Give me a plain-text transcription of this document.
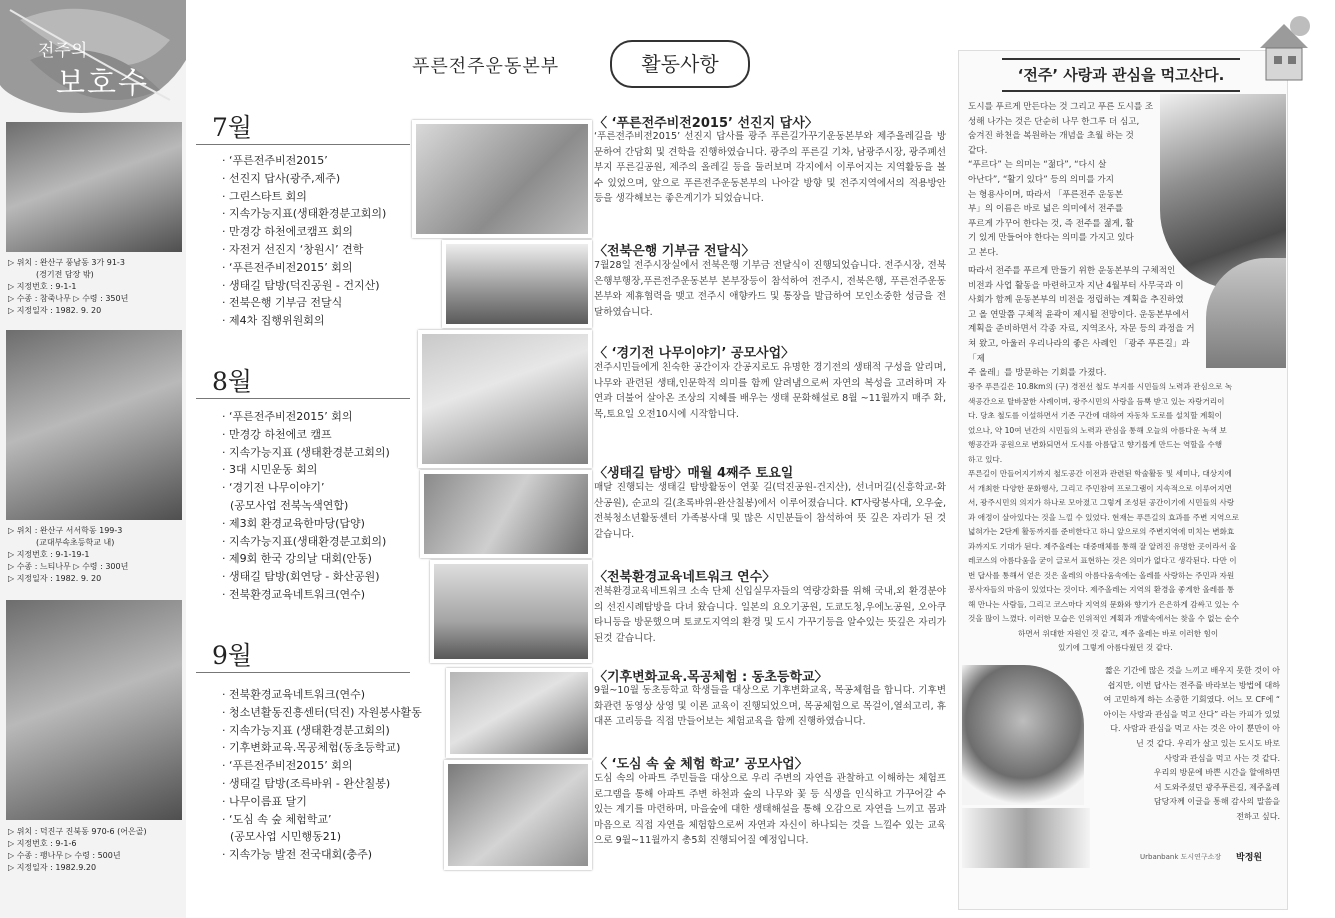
전주의
보호수
▷ 위치 : 완산구 풍남동 3가 91-3
(경기전 담장 밖)
▷ 지정번호 : 9-1-1
▷ 수종 : 참죽나무 ▷ 수령 : 350년
▷ 지정일자 : 1982. 9. 20
▷ 위치 : 완산구 서서학동 199-3
(교대부속초등학교 내)
▷ 지정번호 : 9-1-19-1
▷ 수종 : 느티나무 ▷ 수령 : 300년
▷ 지정일자 : 1982. 9. 20
▷ 위치 : 덕진구 진북동 970-6 (어은골)
▷ 지정번호 : 9-1-6
▷ 수종 : 팽나무 ▷ 수령 : 500년
▷ 지정일자 : 1982.9.20
7월
· ‘푸른전주비전2015’
· 선진지 답사(광주,제주)
· 그린스타트 회의
· 지속가능지표(생태환경분고회의)
· 만경강 하천에코캠프 회의
· 자전거 선진지 ‘창원시’ 견학
· ‘푸른전주비전2015’ 회의
· 생태길 탐방(덕진공원 - 건지산)
· 전북은행 기부금 전달식
· 제4차 집행위원회의
8월
· ‘푸른전주비전2015’ 회의
· 만경강 하천에코 캠프
· 지속가능지표 (생태환경분고회의)
· 3대 시민운동 회의
· ‘경기전 나무이야기’
(공모사업 전북녹색연합)
· 제3회 환경교육한마당(답양)
· 지속가능지표(생태환경분고회의)
· 제9회 한국 강의날 대회(안동)
· 생태길 탐방(회연당 - 화산공원)
· 전북환경교육네트워크(연수)
9월
· 전북환경교육네트워크(연수)
· 청소년활동진흥센터(덕진) 자원봉사활동
· 지속가능지표 (생태환경분고회의)
· 기후변화교육.목공체험(동초등학교)
· ‘푸른전주비전2015’ 회의
· 생태길 탐방(조륵바위 - 완산칠봉)
· 나무이름표 달기
· ‘도심 속 숲 체험학교’
(공모사업 시민행동21)
· 지속가능 발전 전국대회(충주)
푸른전주운동본부	활동사항
〈 ‘푸른전주비전2015’ 선진지 답사〉
‘푸른전주비전2015’ 선진지 답사를 광주 푸른길가꾸기운동본부와 제주올레길을 방문하여 간담회 및 견학을 진행하였습니다. 광주의 푸른길 기차, 남광주시장, 광주폐선부지 푸른길공원, 제주의 올레길 등을 둘러보며 각지에서 이루어지는 지역활동을 볼 수 있었으며, 앞으로 푸른전주운동본부의 나아갈 방향 및 전주지역에서의 적용방안 등을 생각해보는 좋은계기가 되었습니다.
〈전북은행 기부금 전달식〉
7월28일 전주시장실에서 전북은행 기부금 전달식이 진행되었습니다. 전주시장, 전북은행부행장,푸른전주운동본부 본부장등이 참석하여 전주시, 전북은행, 푸른전주운동본부와 제휴협력을 맺고 전주시 애향카드 및 통장을 발급하여 모인소중한 성금을 전달하였습니다.
〈 ‘경기전 나무이야기’ 공모사업〉
전주시민들에게 친숙한 공간이자 간공지로도 유명한 경기전의 생태적 구성을 알리며, 나무와 관련된 생태,인문학적 의미를 함께 알려냄으로써 자연의 복성을 고려하며 자연과 더불어 살아온 조상의 지혜를 배우는 생태 문화해설로 8월 ~11월까지 매주 화,목,토요일 오전10시에 시작합니다.
〈생태길 탐방〉매월 4째주 토요일
매달 진행되는 생태길 탐방활동이 연꽃 길(덕진공원-건지산), 선너머길(신흥학교-화산공원), 순교의 길(초록바위-완산칠봉)에서 이루어졌습니다. KT사랑봉사대, 오우숲, 전북청소년활동센터 가족봉사대 및 많은 시민분들이 참석하여 뜻 깊은 자리가 된 것같습니다.
〈전북환경교육네트워크 연수〉
전북환경교육네트워크 소속 단체 신입실무자들의 역량강화를 위해 국내,외 환경분야의 선진시례탐방을 다녀 왔습니다. 일본의 요오기공원, 도쿄도청,우에노공원, 오아쿠타니등을 방문했으며 토쿄도지역의 환경 및 도시 가꾸기등을 알수있는 뜻깊은 자리가 된것 같습니다.
〈기후변화교육.목공체험 : 동초등학교〉
9월~10월 동초등학교 학생들을 대상으로 기후변화교육, 목공체험을 합니다. 기후변화관련 동영상 상영 및 이론 교육이 진행되었으며, 목공체험으로 목걸이,열쇠고리, 휴대폰 고리등을 직접 만들어보는 체험교육을 함께 진행하였습니다.
〈 ‘도심 속 숲 체험 학교’ 공모사업〉
도심 속의 아파트 주민들을 대상으로 우리 주변의 자연을 관찰하고 이해하는 체험프로그램을 통해 아파트 주변 하천과 숲의 나무와 꽃 등 식생을 인식하고 가꾸어갈 수 있는 계기를 마련하며, 마을숲에 대한 생태해설을 통해 오감으로 자연을 느끼고 몸과 마음으로 직접 자연을 체험함으로써 자연과 자신이 하나되는 것을 느낄수 있는 교육으로 9월~11월까지 총5회 진행되어질 예정입니다.
‘전주’ 사랑과 관심을 먹고산다.
도시를 푸르게 만든다는 것 그리고 푸른 도시를 조
성해 나가는 것은 단순히 나무 한그루 더 심고,
숨겨진 하천을 복원하는 개념을 초월 하는 것
같다.
“푸르다” 는 의미는 “젊다”, “다시 살
아난다”, “활기 있다” 등의 의미를 가지
는 형용사이며, 따라서 「푸른전주 운동본
부」의 이름은 바로 넓은 의미에서 전주를
푸르게 가꾸어 한다는 것, 즉 전주를 젊게, 활
기 있게 만들어야 한다는 의미를 가지고 있다
고 본다.
따라서 전주를 푸르게 만들기 위한 운동본부의 구체적인
비전과 사업 활동을 마련하고자 지난 4월부터 사무국과 이
사회가 함께 운동본부의 비전을 정립하는 계획을 추진하였
고 올 연말쯤 구체적 윤곽이 제시될 전망이다. 운동본부에서
계획을 준비하면서 각종 자료, 지역조사, 자문 등의 과정을 거
쳐 왔고, 아울러 우리나라의 좋은 사례인 「광주 푸른길」과 「제
주 올레」를 방문하는 기회를 가졌다.
광주 푸른길은 10.8km의 (구) 경전선 철도 부지를 시민들의 노력과 관심으로 녹
색공간으로 탈바꿈한 사례이며, 광주시민의 사랑을 듬뿍 받고 있는 자랑거리이
다. 당초 철도를 이설하면서 기존 구간에 대하여 자동차 도로를 설치할 계획이
었으나, 약 10여 년간의 시민들의 노력과 관심을 통해 오늘의 아름다운 녹색 보
행공간과 공원으로 변화되면서 도시를 아름답고 향기롭게 만드는 역할을 수행
하고 있다.
푸른길이 만들어지기까지 철도공간 이전과 관련된 학술활동 및 세미나, 대상지에
서 개최한 다양한 문화행사, 그리고 주민참여 프로그램이 지속적으로 이루어지면
서, 광주시민의 의지가 하나로 모아졌고 그렇게 조성된 공간이기에 시민들의 사랑
과 애정이 살아있다는 것을 느낄 수 있었다. 현재는 푸른길의 효과를 주변 지역으로
넓혀가는 2단계 활동까지를 준비한다고 하니 앞으로의 주변지역에 미치는 변화효
과까지도 기대가 된다. 제주올레는 대중매체를 통해 잘 알려진 유명한 곳이라서 올
레코스의 아름다움을 굳이 글로서 표현하는 것은 의미가 없다고 생각된다. 다만 이
번 답사를 통해서 얻은 것은 올레의 아름다움속에는 올레를 사랑하는 주민과 자원
봉사자들의 마음이 있었다는 것이다. 제주올레는 지역의 환경을 좋게한 올레를 통
해 만나는 사람들, 그리고 코스마다 지역의 문화와 향기가 은은하게 감싸고 있는 수
것을 많이 느꼈다. 이러한 모습은 인위적인 계획과 개발속에서는 찾을 수 없는 순수
하면서 위대한 자원인 것 같고, 제주 올레는 바로 이러한 힘이
있기에 그렇게 아름다웠던 것 같다.
짧은 기간에 많은 것을 느끼고 배우지 못한 것이 아
쉽지만, 이번 답사는 전주를 바라보는 방법에 대하
여 고민하게 하는 소중한 기회였다. 어느 모 CF에 “
아이는 사랑과 관심을 먹고 산다” 라는 카피가 있었
다. 사람과 관심을 먹고 사는 것은 아이 뿐만이 아
닌 것 같다. 우리가 살고 있는 도시도 바로
사랑과 관심을 먹고 사는 것 같다.
우리의 방문에 바쁜 시간을 할애하면
서 도와주셨던 광주푸른길, 제주올레
담당자께 이글을 통해 감사의 말씀을
전하고 싶다.
Urbanbank 도시연구소장 박정원
